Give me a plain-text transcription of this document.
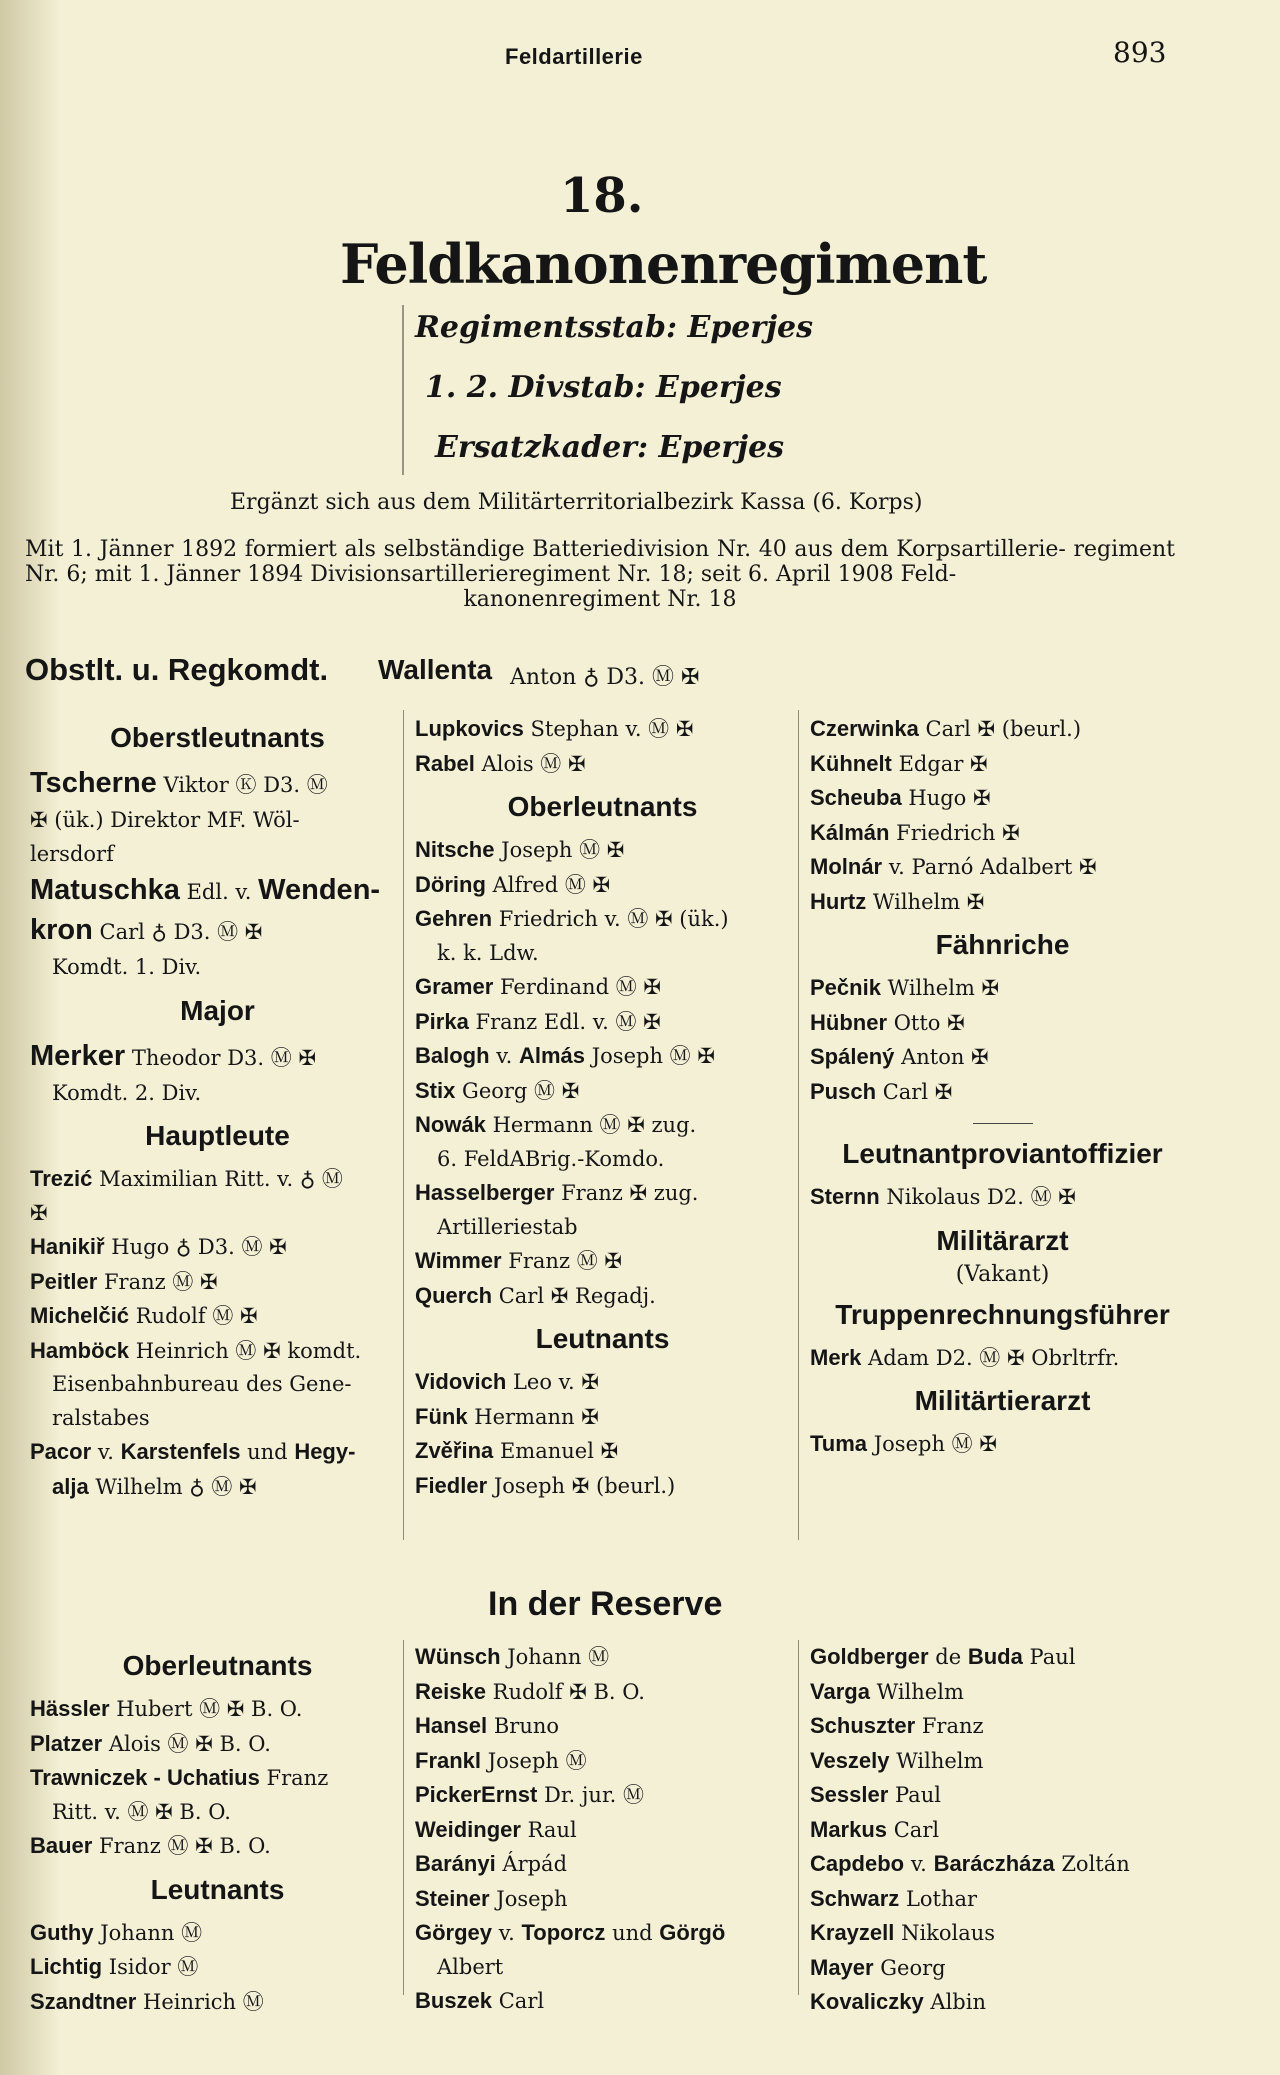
Feldartillerie	893
18.
Feldkanonenregiment
Regimentsstab: Eperjes
1. 2. Divstab: Eperjes
Ersatzkader: Eperjes
Ergänzt sich aus dem Militärterritorialbezirk Kassa (6. Korps)
Mit 1. Jänner 1892 formiert als selbständige Batteriedivision Nr. 40 aus dem Korpsartillerie- regiment Nr. 6; mit 1. Jänner 1894 Divisionsartillerieregiment Nr. 18; seit 6. April 1908 Feld-
kanonenregiment Nr. 18
Obstlt. u. Regkomdt. Wallenta Anton ♁ D3. Ⓜ ✠
Oberstleutnants
Tscherne Viktor Ⓚ D3. Ⓜ
✠ (ük.) Direktor MF. Wöl-
lersdorf
Matuschka Edl. v. Wenden-
kron Carl ♁ D3. Ⓜ ✠
Komdt. 1. Div.
Major
Merker Theodor D3. Ⓜ ✠
Komdt. 2. Div.
Hauptleute
Trezić Maximilian Ritt. v. ♁ Ⓜ
✠
Hanikiř Hugo ♁ D3. Ⓜ ✠
Peitler Franz Ⓜ ✠
Michelčić Rudolf Ⓜ ✠
Hamböck Heinrich Ⓜ ✠ komdt.
Eisenbahnbureau des Gene-
ralstabes
Pacor v. Karstenfels und Hegy-
alja Wilhelm ♁ Ⓜ ✠
Lupkovics Stephan v. Ⓜ ✠
Rabel Alois Ⓜ ✠
Oberleutnants
Nitsche Joseph Ⓜ ✠
Döring Alfred Ⓜ ✠
Gehren Friedrich v. Ⓜ ✠ (ük.)
k. k. Ldw.
Gramer Ferdinand Ⓜ ✠
Pirka Franz Edl. v. Ⓜ ✠
Balogh v. Almás Joseph Ⓜ ✠
Stix Georg Ⓜ ✠
Nowák Hermann Ⓜ ✠ zug.
6. FeldABrig.-Komdo.
Hasselberger Franz ✠ zug.
Artilleriestab
Wimmer Franz Ⓜ ✠
Querch Carl ✠ Regadj.
Leutnants
Vidovich Leo v. ✠
Fünk Hermann ✠
Zvěřina Emanuel ✠
Fiedler Joseph ✠ (beurl.)
Czerwinka Carl ✠ (beurl.)
Kühnelt Edgar ✠
Scheuba Hugo ✠
Kálmán Friedrich ✠
Molnár v. Parnó Adalbert ✠
Hurtz Wilhelm ✠
Fähnriche
Pečnik Wilhelm ✠
Hübner Otto ✠
Spálený Anton ✠
Pusch Carl ✠
Leutnantproviantoffizier
Sternn Nikolaus D2. Ⓜ ✠
Militärarzt
(Vakant)
Truppenrechnungsführer
Merk Adam D2. Ⓜ ✠ Obrltrfr.
Militärtierarzt
Tuma Joseph Ⓜ ✠
In der Reserve
Oberleutnants
Hässler Hubert Ⓜ ✠ B. O.
Platzer Alois Ⓜ ✠ B. O.
Trawniczek - Uchatius Franz
Ritt. v. Ⓜ ✠ B. O.
Bauer Franz Ⓜ ✠ B. O.
Leutnants
Guthy Johann Ⓜ
Lichtig Isidor Ⓜ
Szandtner Heinrich Ⓜ
Wünsch Johann Ⓜ
Reiske Rudolf ✠ B. O.
Hansel Bruno
Frankl Joseph Ⓜ
PickerErnst Dr. jur. Ⓜ
Weidinger Raul
Barányi Árpád
Steiner Joseph
Görgey v. Toporcz und Görgö
Albert
Buszek Carl
Goldberger de Buda Paul
Varga Wilhelm
Schuszter Franz
Veszely Wilhelm
Sessler Paul
Markus Carl
Capdebo v. Baráczháza Zoltán
Schwarz Lothar
Krayzell Nikolaus
Mayer Georg
Kovaliczky Albin
